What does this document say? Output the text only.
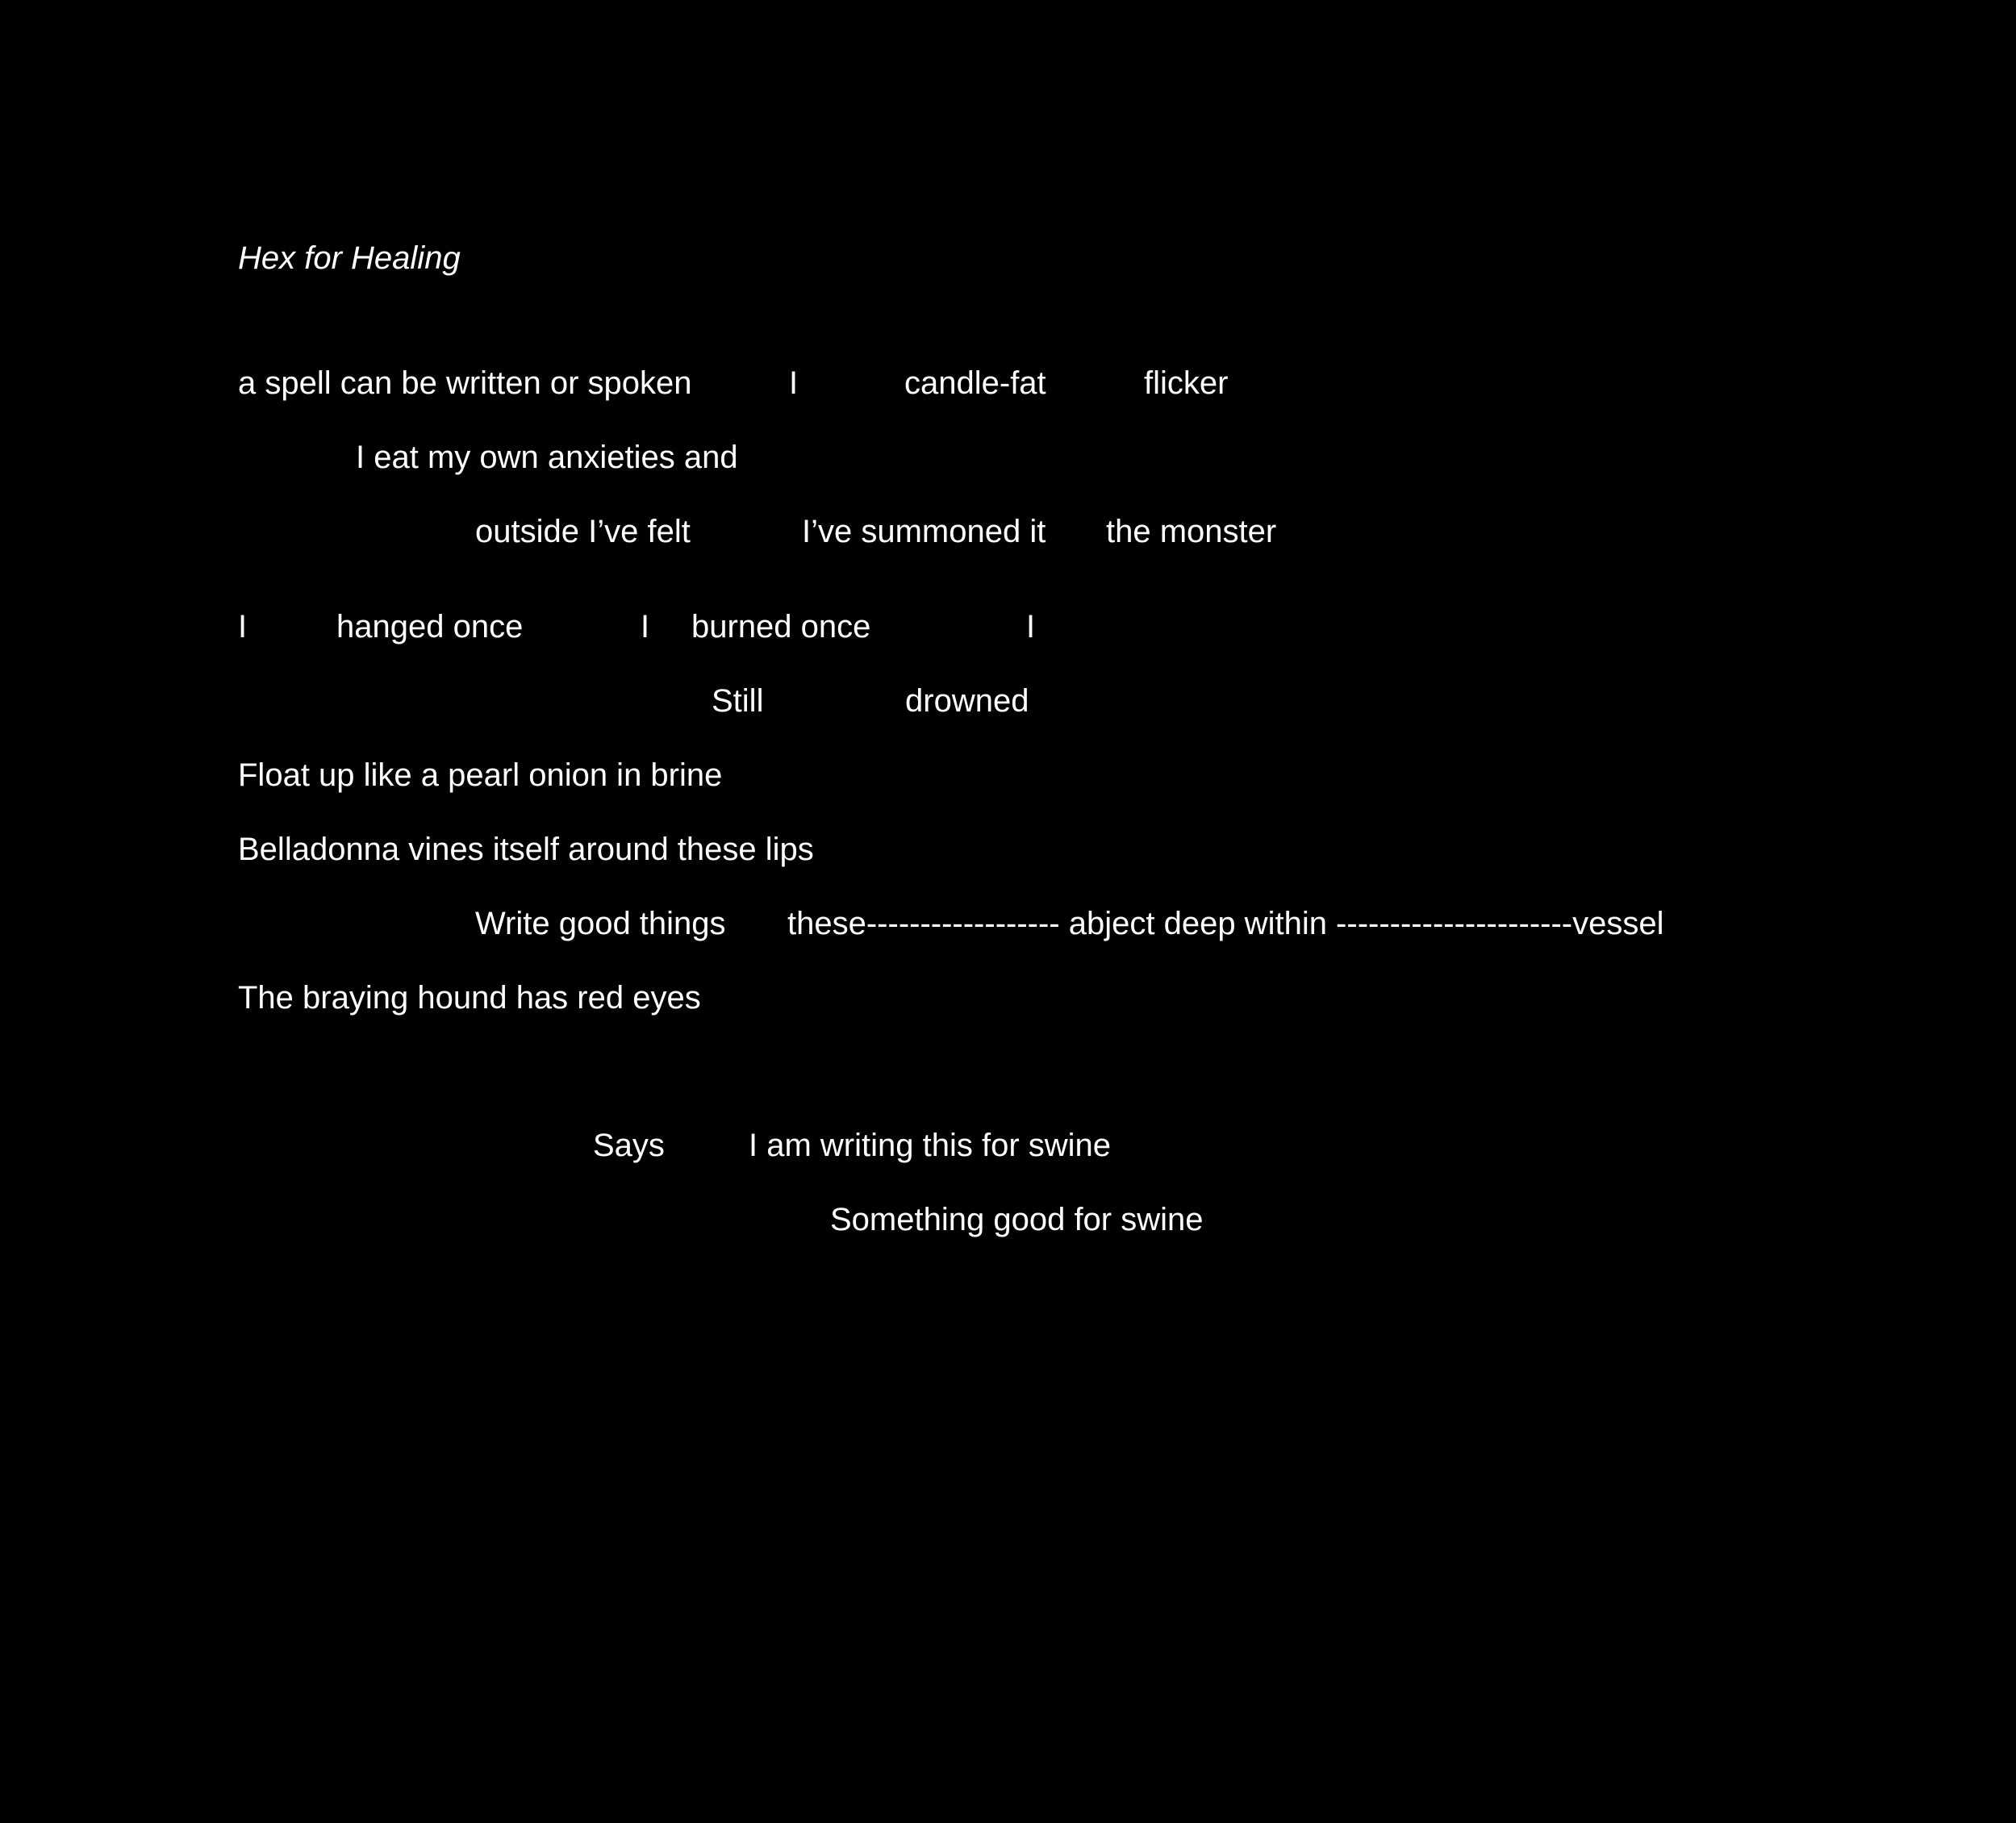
Hex for Healing
a spell can be written or spoken	I	candle-fat	flicker
I eat my own anxieties and
outside I’ve felt	I’ve summoned it the monster
I	hanged once	I burned once	I
Still	drowned
Float up like a pearl onion in brine
Belladonna vines itself around these lips
Write good things these------------------ abject deep within ----------------------vessel
The braying hound has red eyes
Says	I am writing this for swine
Something good for swine
